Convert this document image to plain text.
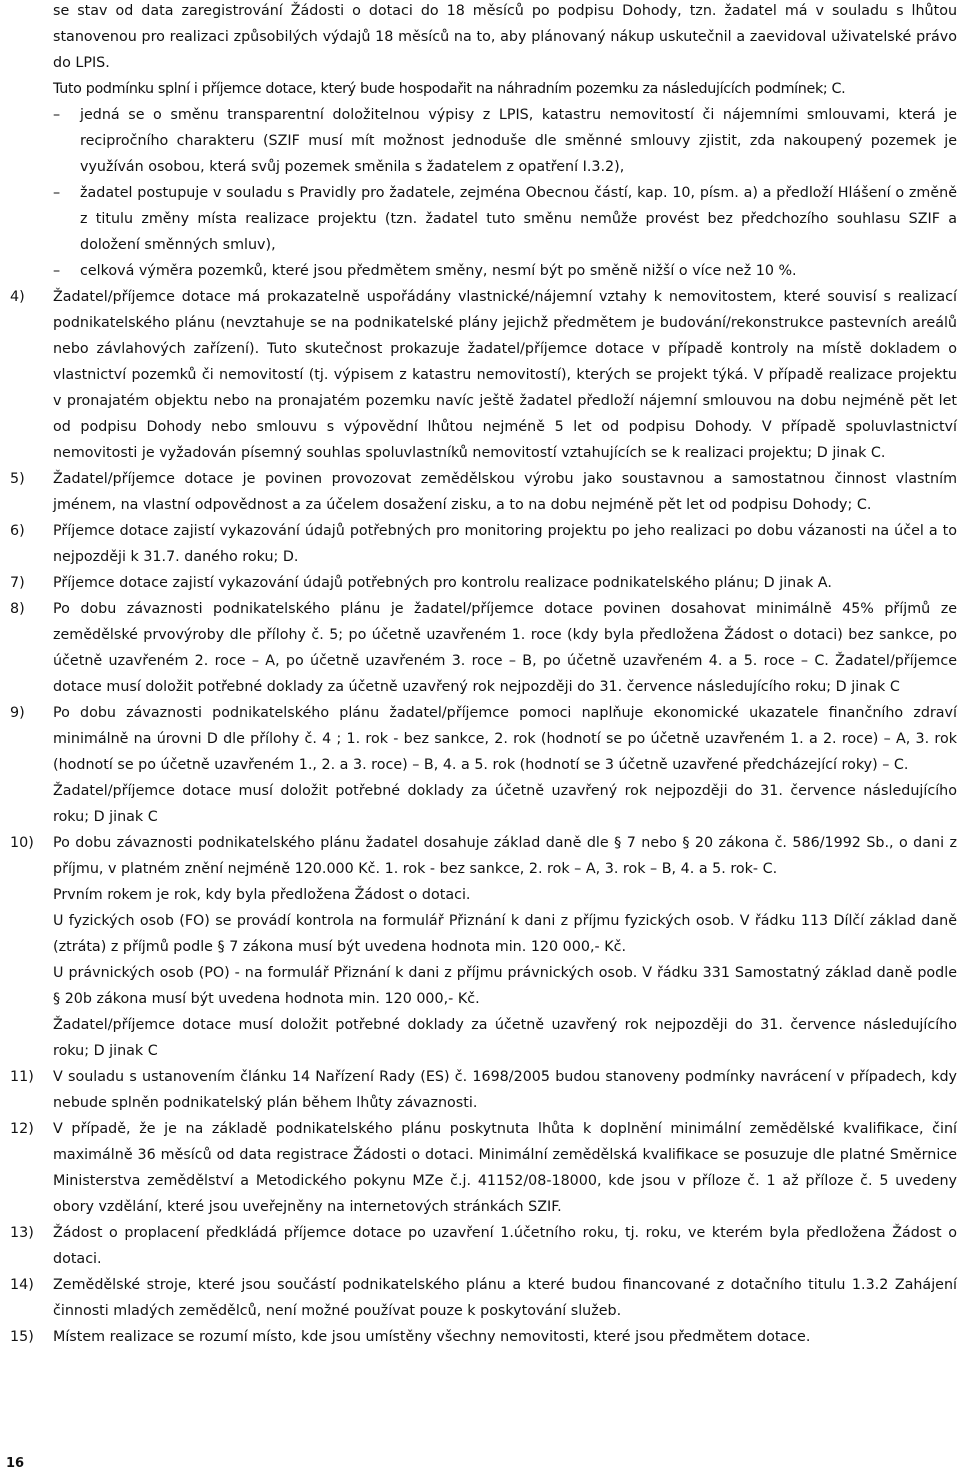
se stav od data zaregistrování Žádosti o dotaci do 18 měsíců po podpisu Dohody, tzn. žadatel má v souladu s lhůtou stanovenou pro realizaci způsobilých výdajů 18 měsíců na to, aby plánovaný nákup uskutečnil a zaevidoval uživatelské právo do LPIS.

Tuto podmínku splní i příjemce dotace, který bude hospodařit na náhradním pozemku za následujících podmínek; C.

– jedná se o směnu transparentní doložitelnou výpisy z LPIS, katastru nemovitostí či nájemními smlouvami, která je recipročního charakteru (SZIF musí mít možnost jednoduše dle směnné smlouvy zjistit, zda nakoupený pozemek je využíván osobou, která svůj pozemek směnila s žadatelem z opatření I.3.2),

– žadatel postupuje v souladu s Pravidly pro žadatele, zejména Obecnou částí, kap. 10, písm. a) a předloží Hlášení o změně z titulu změny místa realizace projektu (tzn. žadatel tuto směnu nemůže provést bez předchozího souhlasu SZIF a doložení směnných smluv),

– celková výměra pozemků, které jsou předmětem směny, nesmí být po směně nižší o více než 10 %.

4) Žadatel/příjemce dotace má prokazatelně uspořádány vlastnické/nájemní vztahy k nemovitostem, které souvisí s realizací podnikatelského plánu (nevztahuje se na podnikatelské plány jejichž předmětem je budování/rekonstrukce pastevních areálů nebo závlahových zařízení). Tuto skutečnost prokazuje žadatel/příjemce dotace v případě kontroly na místě dokladem o vlastnictví pozemků či nemovitostí (tj. výpisem z katastru nemovitostí), kterých se projekt týká. V případě realizace projektu v pronajatém objektu nebo na pronajatém pozemku navíc ještě žadatel předloží nájemní smlouvou na dobu nejméně pět let od podpisu Dohody nebo smlouvu s výpovědní lhůtou nejméně 5 let od podpisu Dohody. V případě spoluvlastnictví nemovitosti je vyžadován písemný souhlas spoluvlastníků nemovitostí vztahujících se k realizaci projektu; D jinak C.

5) Žadatel/příjemce dotace je povinen provozovat zemědělskou výrobu jako soustavnou a samostatnou činnost vlastním jménem, na vlastní odpovědnost a za účelem dosažení zisku, a to na dobu nejméně pět let od podpisu Dohody; C.

6) Příjemce dotace zajistí vykazování údajů potřebných pro monitoring projektu po jeho realizaci po dobu vázanosti na účel a to nejpozději k 31.7. daného roku; D.

7) Příjemce dotace zajistí vykazování údajů potřebných pro kontrolu realizace podnikatelského plánu; D jinak A.

8) Po dobu závaznosti podnikatelského plánu je žadatel/příjemce dotace povinen dosahovat minimálně 45% příjmů ze zemědělské prvovýroby dle přílohy č. 5; po účetně uzavřeném 1. roce (kdy byla předložena Žádost o dotaci) bez sankce, po účetně uzavřeném 2. roce – A, po účetně uzavřeném 3. roce – B, po účetně uzavřeném 4. a 5. roce – C. Žadatel/příjemce dotace musí doložit potřebné doklady za účetně uzavřený rok nejpozději do 31. července následujícího roku; D jinak C

9) Po dobu závaznosti podnikatelského plánu žadatel/příjemce pomoci naplňuje ekonomické ukazatele finančního zdraví minimálně na úrovni D dle přílohy č. 4 ; 1. rok - bez sankce, 2. rok (hodnotí se po účetně uzavřeném 1. a 2. roce) – A, 3. rok (hodnotí se po účetně uzavřeném 1., 2. a 3. roce) – B, 4. a 5. rok (hodnotí se 3 účetně uzavřené předcházející roky) – C.

Žadatel/příjemce dotace musí doložit potřebné doklady za účetně uzavřený rok nejpozději do 31. července následujícího roku; D jinak C

10) Po dobu závaznosti podnikatelského plánu žadatel dosahuje základ daně dle § 7 nebo § 20 zákona č. 586/1992 Sb., o dani z příjmu, v platném znění nejméně 120.000 Kč. 1. rok - bez sankce, 2. rok – A, 3. rok – B, 4. a 5. rok- C.

Prvním rokem je rok, kdy byla předložena Žádost o dotaci.

U fyzických osob (FO) se provádí kontrola na formulář Přiznání k dani z příjmu fyzických osob. V řádku 113 Dílčí základ daně (ztráta) z příjmů podle § 7 zákona musí být uvedena hodnota min. 120 000,- Kč.

U právnických osob (PO) - na formulář Přiznání k dani z příjmu právnických osob. V řádku 331 Samostatný základ daně podle § 20b zákona musí být uvedena hodnota min. 120 000,- Kč.

Žadatel/příjemce dotace musí doložit potřebné doklady za účetně uzavřený rok nejpozději do 31. července následujícího roku; D jinak C

11) V souladu s ustanovením článku 14 Nařízení Rady (ES) č. 1698/2005 budou stanoveny podmínky navrácení v případech, kdy nebude splněn podnikatelský plán během lhůty závaznosti.

12) V případě, že je na základě podnikatelského plánu poskytnuta lhůta k doplnění minimální zemědělské kvalifikace, činí maximálně 36 měsíců od data registrace Žádosti o dotaci. Minimální zemědělská kvalifikace se posuzuje dle platné Směrnice Ministerstva zemědělství a Metodického pokynu MZe č.j. 41152/08-18000, kde jsou v příloze č. 1 až příloze č. 5 uvedeny obory vzdělání, které jsou uveřejněny na internetových stránkách SZIF.

13) Žádost o proplacení předkládá příjemce dotace po uzavření 1.účetního roku, tj. roku, ve kterém byla předložena Žádost o dotaci.

14) Zemědělské stroje, které jsou součástí podnikatelského plánu a které budou financované z dotačního titulu 1.3.2 Zahájení činnosti mladých zemědělců, není možné používat pouze k poskytování služeb.

15) Místem realizace se rozumí místo, kde jsou umístěny všechny nemovitosti, které jsou předmětem dotace.

16
